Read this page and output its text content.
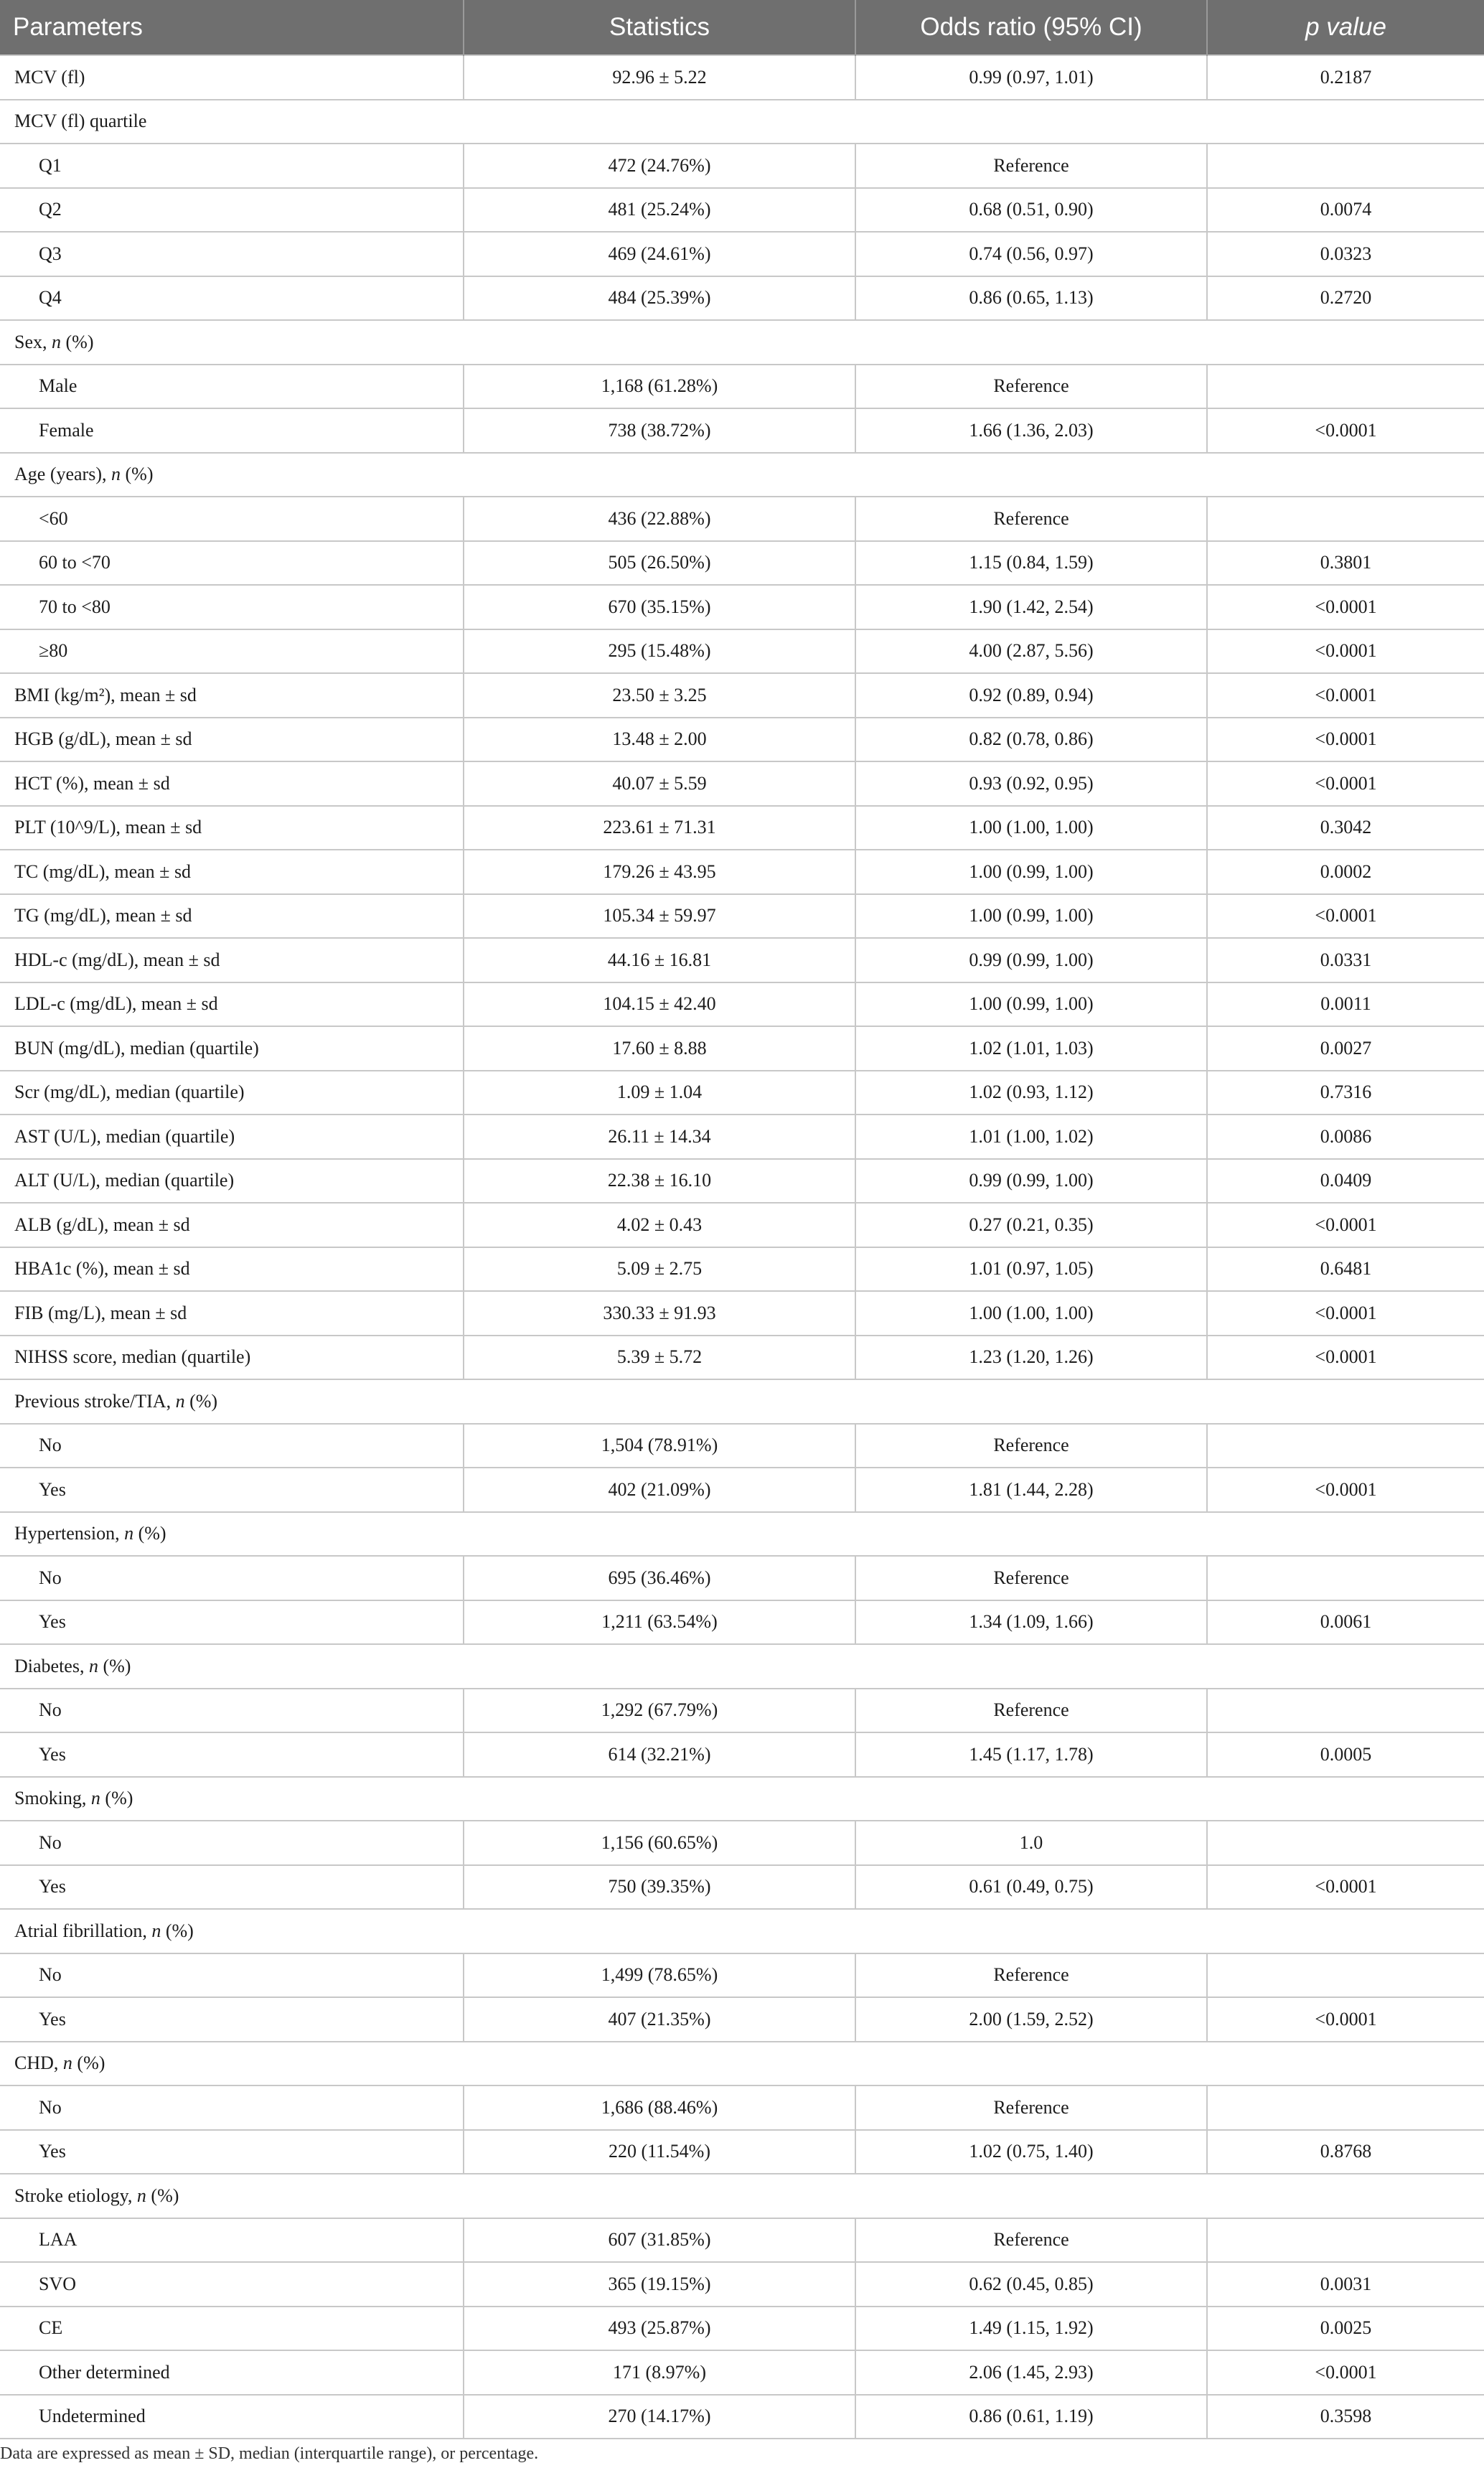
Parameters	Statistics	Odds ratio (95% CI)	p value
MCV (fl)	92.96 ± 5.22	0.99 (0.97, 1.01)	0.2187
MCV (fl) quartile			
Q1	472 (24.76%)	Reference	
Q2	481 (25.24%)	0.68 (0.51, 0.90)	0.0074
Q3	469 (24.61%)	0.74 (0.56, 0.97)	0.0323
Q4	484 (25.39%)	0.86 (0.65, 1.13)	0.2720
Sex, n (%)			
Male	1,168 (61.28%)	Reference	
Female	738 (38.72%)	1.66 (1.36, 2.03)	<0.0001
Age (years), n (%)			
<60	436 (22.88%)	Reference	
60 to <70	505 (26.50%)	1.15 (0.84, 1.59)	0.3801
70 to <80	670 (35.15%)	1.90 (1.42, 2.54)	<0.0001
≥80	295 (15.48%)	4.00 (2.87, 5.56)	<0.0001
BMI (kg/m²), mean ± sd	23.50 ± 3.25	0.92 (0.89, 0.94)	<0.0001
HGB (g/dL), mean ± sd	13.48 ± 2.00	0.82 (0.78, 0.86)	<0.0001
HCT (%), mean ± sd	40.07 ± 5.59	0.93 (0.92, 0.95)	<0.0001
PLT (10^9/L), mean ± sd	223.61 ± 71.31	1.00 (1.00, 1.00)	0.3042
TC (mg/dL), mean ± sd	179.26 ± 43.95	1.00 (0.99, 1.00)	0.0002
TG (mg/dL), mean ± sd	105.34 ± 59.97	1.00 (0.99, 1.00)	<0.0001
HDL-c (mg/dL), mean ± sd	44.16 ± 16.81	0.99 (0.99, 1.00)	0.0331
LDL-c (mg/dL), mean ± sd	104.15 ± 42.40	1.00 (0.99, 1.00)	0.0011
BUN (mg/dL), median (quartile)	17.60 ± 8.88	1.02 (1.01, 1.03)	0.0027
Scr (mg/dL), median (quartile)	1.09 ± 1.04	1.02 (0.93, 1.12)	0.7316
AST (U/L), median (quartile)	26.11 ± 14.34	1.01 (1.00, 1.02)	0.0086
ALT (U/L), median (quartile)	22.38 ± 16.10	0.99 (0.99, 1.00)	0.0409
ALB (g/dL), mean ± sd	4.02 ± 0.43	0.27 (0.21, 0.35)	<0.0001
HBA1c (%), mean ± sd	5.09 ± 2.75	1.01 (0.97, 1.05)	0.6481
FIB (mg/L), mean ± sd	330.33 ± 91.93	1.00 (1.00, 1.00)	<0.0001
NIHSS score, median (quartile)	5.39 ± 5.72	1.23 (1.20, 1.26)	<0.0001
Previous stroke/TIA, n (%)			
No	1,504 (78.91%)	Reference	
Yes	402 (21.09%)	1.81 (1.44, 2.28)	<0.0001
Hypertension, n (%)			
No	695 (36.46%)	Reference	
Yes	1,211 (63.54%)	1.34 (1.09, 1.66)	0.0061
Diabetes, n (%)			
No	1,292 (67.79%)	Reference	
Yes	614 (32.21%)	1.45 (1.17, 1.78)	0.0005
Smoking, n (%)			
No	1,156 (60.65%)	1.0	
Yes	750 (39.35%)	0.61 (0.49, 0.75)	<0.0001
Atrial fibrillation, n (%)			
No	1,499 (78.65%)	Reference	
Yes	407 (21.35%)	2.00 (1.59, 2.52)	<0.0001
CHD, n (%)			
No	1,686 (88.46%)	Reference	
Yes	220 (11.54%)	1.02 (0.75, 1.40)	0.8768
Stroke etiology, n (%)			
LAA	607 (31.85%)	Reference	
SVO	365 (19.15%)	0.62 (0.45, 0.85)	0.0031
CE	493 (25.87%)	1.49 (1.15, 1.92)	0.0025
Other determined	171 (8.97%)	2.06 (1.45, 2.93)	<0.0001
Undetermined	270 (14.17%)	0.86 (0.61, 1.19)	0.3598
Data are expressed as mean ± SD, median (interquartile range), or percentage.
